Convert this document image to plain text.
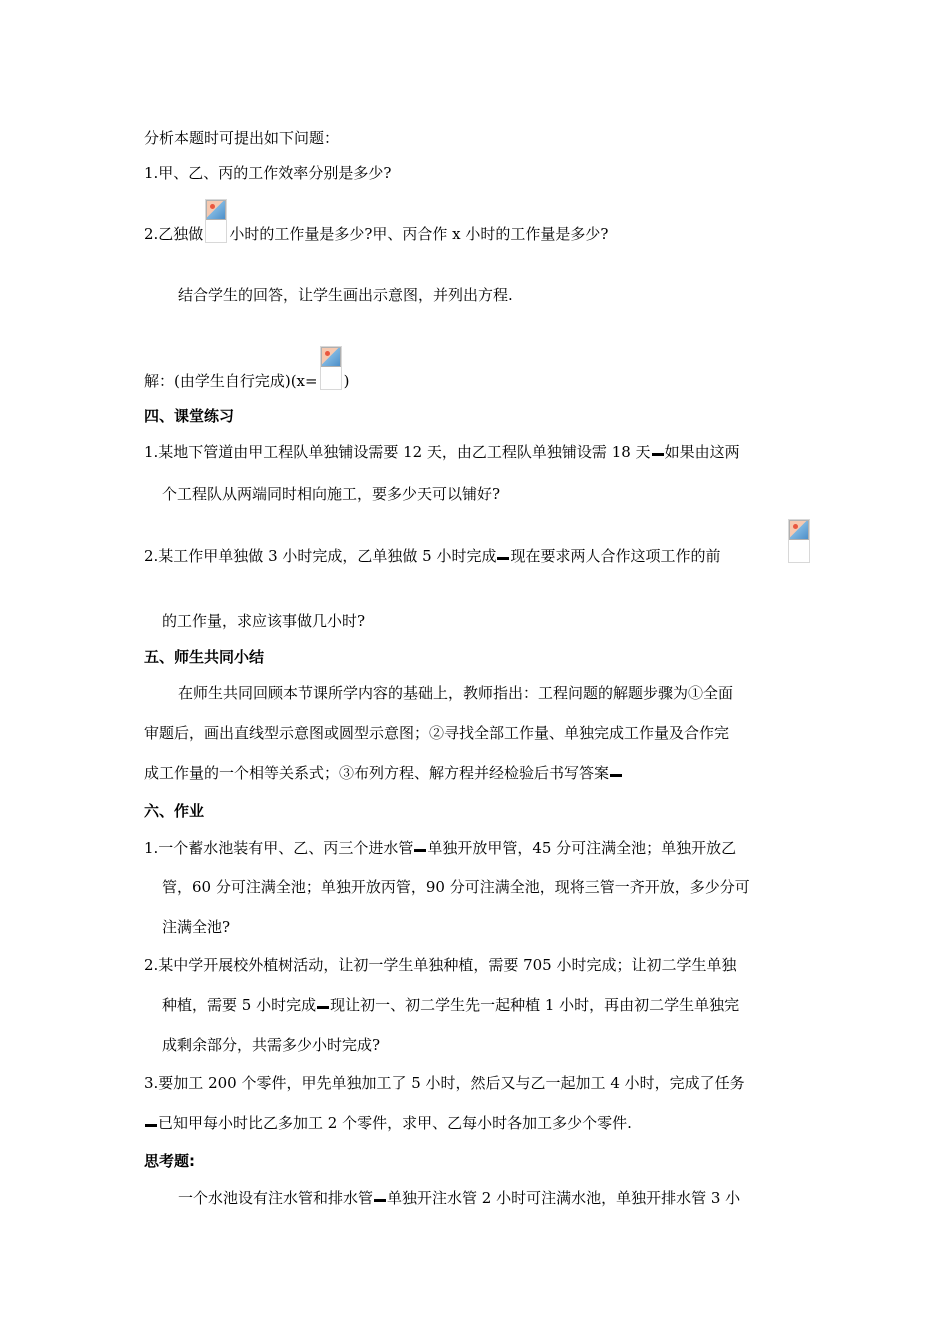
分析本题时可提出如下问题：
1.甲、乙、丙的工作效率分别是多少?
2.乙独做 小时的工作量是多少?甲、丙合作 x 小时的工作量是多少?
结合学生的回答，让学生画出示意图，并列出方程.
解：(由学生自行完成)(x= )
四、课堂练习
1.某地下管道由甲工程队单独铺设需要 12 天，由乙工程队单独铺设需 18 天 如果由这两
个工程队从两端同时相向施工，要多少天可以铺好?
2.某工作甲单独做 3 小时完成，乙单独做 5 小时完成 现在要求两人合作这项工作的前
的工作量，求应该事做几小时?
五、师生共同小结
在师生共同回顾本节课所学内容的基础上，教师指出：工程问题的解题步骤为①全面
审题后，画出直线型示意图或圆型示意图；②寻找全部工作量、单独完成工作量及合作完
成工作量的一个相等关系式；③布列方程、解方程并经检验后书写答案
六、作业
1.一个蓄水池装有甲、乙、丙三个进水管 单独开放甲管，45 分可注满全池；单独开放乙
管，60 分可注满全池；单独开放丙管，90 分可注满全池，现将三管一齐开放，多少分可
注满全池?
2.某中学开展校外植树活动，让初一学生单独种植，需要 705 小时完成；让初二学生单独
种植，需要 5 小时完成 现让初一、初二学生先一起种植 1 小时，再由初二学生单独完
成剩余部分，共需多少小时完成?
3.要加工 200 个零件，甲先单独加工了 5 小时，然后又与乙一起加工 4 小时，完成了任务
已知甲每小时比乙多加工 2 个零件，求甲、乙每小时各加工多少个零件.
思考题:
一个水池设有注水管和排水管 单独开注水管 2 小时可注满水池，单独开排水管 3 小
